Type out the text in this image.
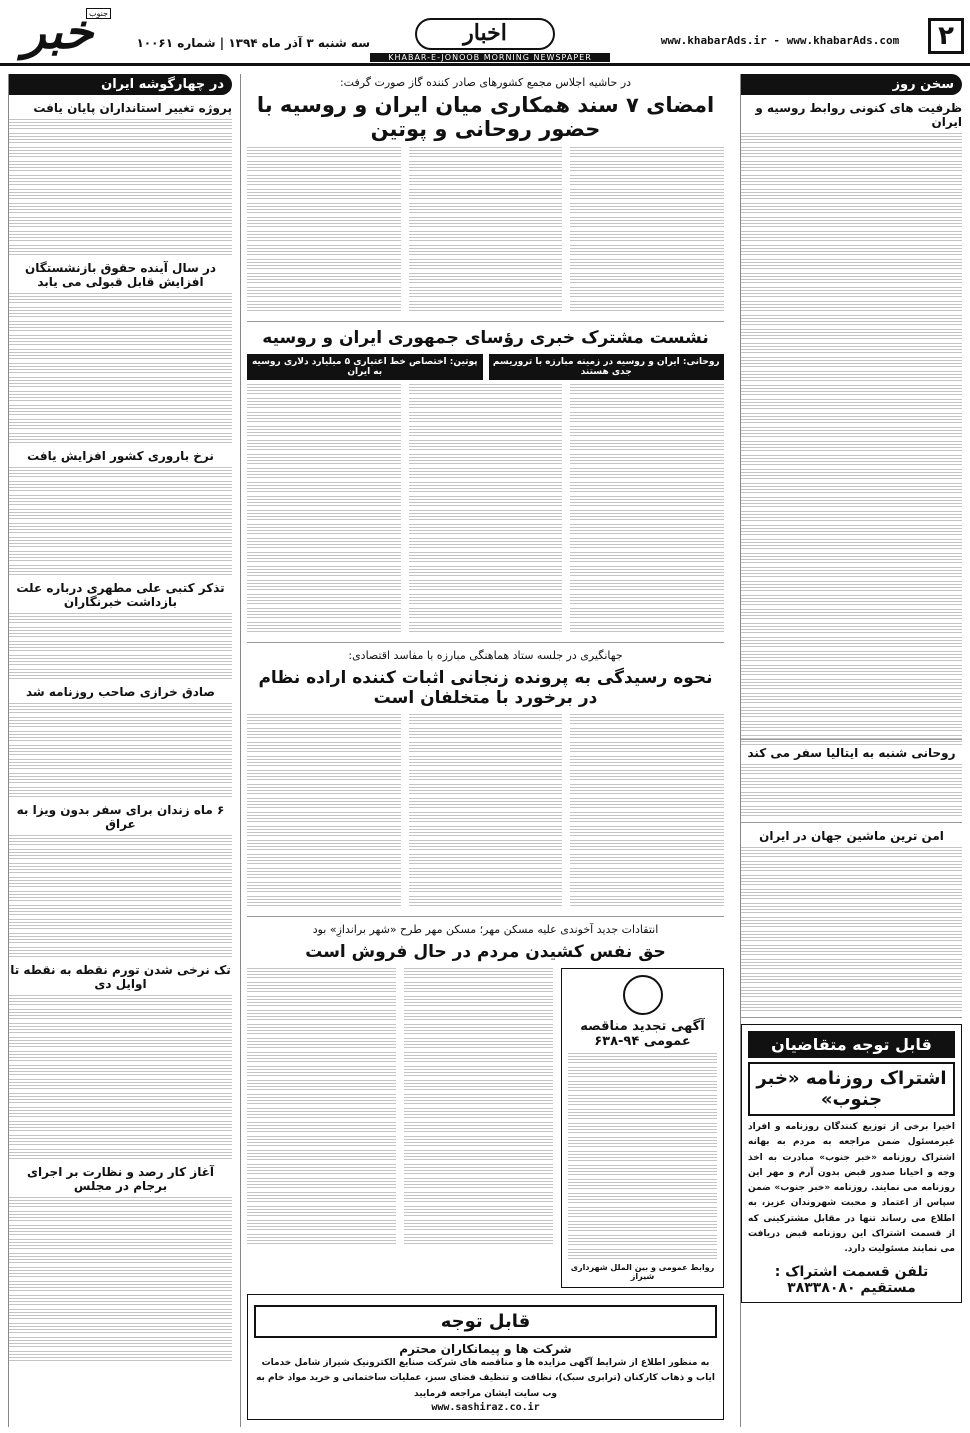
۲
www.khabarAds.ir - www.khabarAds.com
اخبار
KHABAR-E-JONOOB MORNING NEWSPAPER
سه شنبه ۳ آذر ماه ۱۳۹۴ | شماره ۱۰۰۶۱
خبر
جنوب
سخن روز
ظرفیت های کنونی روابط روسیه و ایران
روحانی شنبه به ایتالیا سفر می کند
امن ترین ماشین جهان در ایران
قابل توجه متقاضیان
اشتراک روزنامه «خبر جنوب»
اخیرا برخی از توزیع کنندگان روزنامه و افراد غیرمسئول ضمن مراجعه به مردم به بهانه اشتراک روزنامه «خبر جنوب» مبادرت به اخذ وجه و احیانا صدور قبض بدون آرم و مهر این روزنامه می نمایند. روزنامه «خبر جنوب» ضمن سپاس از اعتماد و محبت شهروندان عزیز، به اطلاع می رساند تنها در مقابل مشترکینی که از قسمت اشتراک این روزنامه قبض دریافت می نمایند مسئولیت دارد.
تلفن قسمت اشتراک : مستقیم ۳۸۳۳۸۰۸۰
در حاشیه اجلاس مجمع کشورهای صادر کننده گاز صورت گرفت:
امضای ۷ سند همکاری میان ایران و روسیه با حضور روحانی و پوتین
نشست مشترک خبری رؤسای جمهوری ایران و روسیه
روحانی: ایران و روسیه در زمینه مبارزه با تروریسم جدی هستند
پوتین: اختصاص خط اعتباری ۵ میلیارد دلاری روسیه به ایران
جهانگیری در جلسه ستاد هماهنگی مبارزه با مفاسد اقتصادی:
نحوه رسیدگی به پرونده زنجانی اثبات کننده اراده نظام در برخورد با متخلفان است
انتقادات جدید آخوندی علیه مسکن مهر؛ مسکن مهر طرح «شهر براندازِ» بود
حق نفس کشیدن مردم در حال فروش است
آگهی تجدید مناقصه عمومی ۹۴-۶۳۸
روابط عمومی و بین الملل شهرداری شیراز
قابل توجه
شرکت ها و پیمانکاران محترم
به منظور اطلاع از شرایط آگهی مزایده ها و مناقصه های شرکت صنایع الکترونیک شیراز شامل خدمات ایاب و ذهاب کارکنان (ترابری سبک)، نظافت و تنظیف فضای سبز، عملیات ساختمانی و خرید مواد خام به وب سایت ایشان مراجعه فرمایید
www.sashiraz.co.ir
در چهارگوشه ایران
پروژه تغییر استانداران پایان یافت
در سال آینده حقوق بازنشستگان افزایش قابل قبولی می یابد
نرخ باروری کشور افزایش یافت
تذکر کتبی علی مطهری درباره علت بازداشت خبرنگاران
صادق خرازی صاحب روزنامه شد
۶ ماه زندان برای سفر بدون ویزا به عراق
تک نرخی شدن تورم نقطه به نقطه تا اوایل دی
آغاز کار رصد و نظارت بر اجرای برجام در مجلس
